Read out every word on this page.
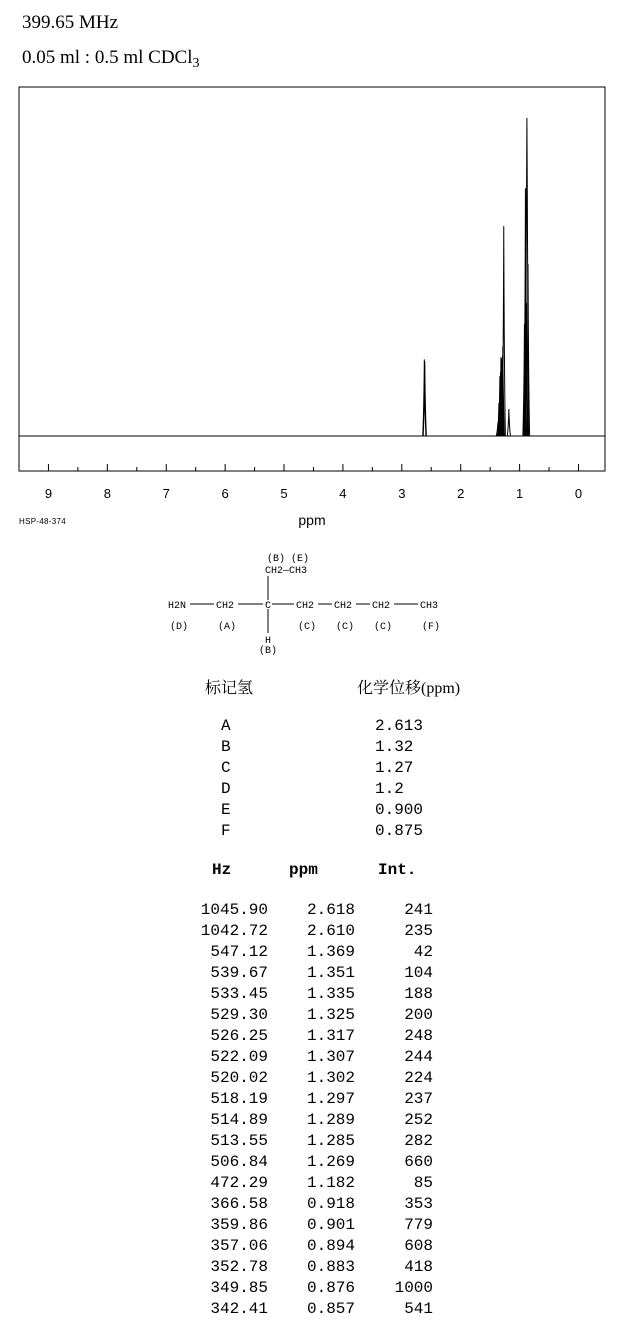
399.65 MHz
0.05 ml : 0.5 ml CDCl$_3$
9	8	7	6	5	4	3	2	1	0
ppm
HSP-48-374
(B) (E)
CH2—CH3
H2N	CH2	C CH2 CH2 CH2	CH3
(D)	(A)	(C) (C) (C)	(F)
H
(B)
标记氢	化学位移(ppm)
A	2.613
B	1.32
C	1.27
D	1.2
E	0.900
F	0.875
Hz	ppm	Int.
1045.90	2.618	241
1042.72	2.610	235
547.12	1.369	42
539.67	1.351	104
533.45	1.335	188
529.30	1.325	200
526.25	1.317	248
522.09	1.307	244
520.02	1.302	224
518.19	1.297	237
514.89	1.289	252
513.55	1.285	282
506.84	1.269	660
472.29	1.182	85
366.58	0.918	353
359.86	0.901	779
357.06	0.894	608
352.78	0.883	418
349.85	0.876	1000
342.41	0.857	541
